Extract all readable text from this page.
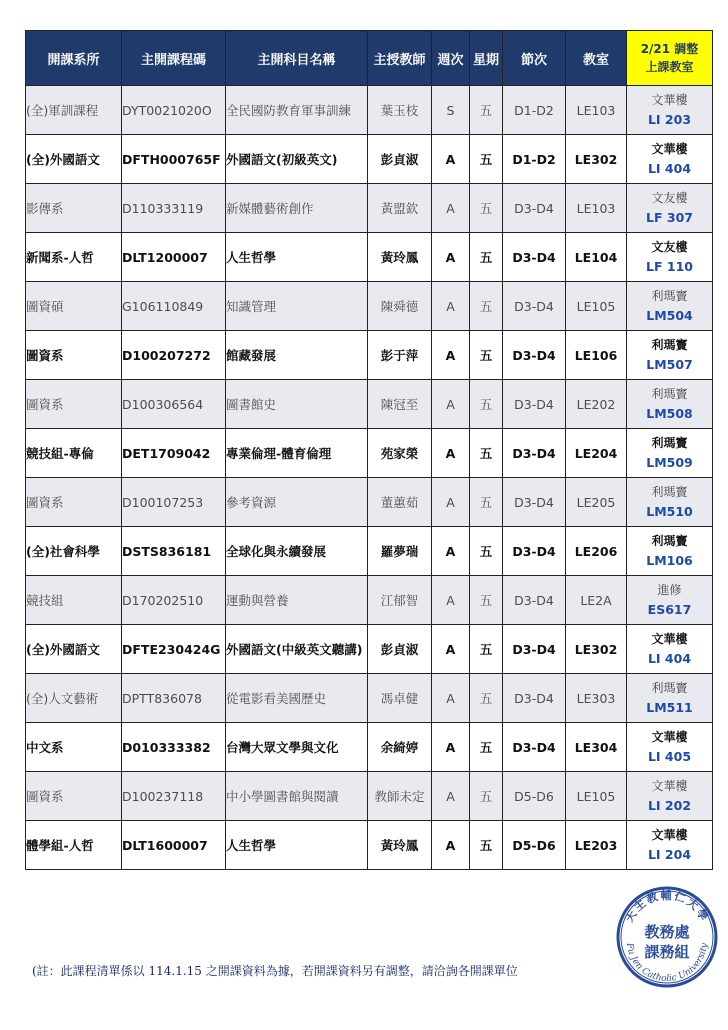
開課系所	主開課程碼	主開科目名稱	主授教師	週次	星期	節次	教室	2/21 調整
上課教室

(全)軍訓課程	DYT0021020O	全民國防教育軍事訓練	葉玉枝	S	五	D1-D2	LE103	文華樓
LI 203

(全)外國語文	DFTH000765F	外國語文(初級英文)	彭貞淑	A	五	D1-D2	LE302	文華樓
LI 404

影傳系	D110333119	新媒體藝術創作	黃盟欽	A	五	D3-D4	LE103	文友樓
LF 307

新聞系-人哲	DLT1200007	人生哲學	黃玲鳳	A	五	D3-D4	LE104	文友樓
LF 110

圖資碩	G106110849	知識管理	陳舜德	A	五	D3-D4	LE105	利瑪竇
LM504

圖資系	D100207272	館藏發展	彭于萍	A	五	D3-D4	LE106	利瑪竇
LM507

圖資系	D100306564	圖書館史	陳冠至	A	五	D3-D4	LE202	利瑪竇
LM508

競技組-專倫	DET1709042	專業倫理-體育倫理	苑家榮	A	五	D3-D4	LE204	利瑪竇
LM509

圖資系	D100107253	參考資源	董蕙茹	A	五	D3-D4	LE205	利瑪竇
LM510

(全)社會科學	DSTS836181	全球化與永續發展	羅夢瑞	A	五	D3-D4	LE206	利瑪竇
LM106

競技組	D170202510	運動與營養	江郁智	A	五	D3-D4	LE2A	進修
ES617

(全)外國語文	DFTE230424G	外國語文(中級英文聽講)	彭貞淑	A	五	D3-D4	LE302	文華樓
LI 404

(全)人文藝術	DPTT836078	從電影看美國歷史	馮卓健	A	五	D3-D4	LE303	利瑪竇
LM511

中文系	D010333382	台灣大眾文學與文化	余綺婷	A	五	D3-D4	LE304	文華樓
LI 405

圖資系	D100237118	中小學圖書館與閱讀	教師未定	A	五	D5-D6	LE105	文華樓
LI 202

體學組-人哲	DLT1600007	人生哲學	黃玲鳳	A	五	D5-D6	LE203	文華樓
LI 204
(註：此課程清單係以 114.1.15 之開課資料為據，若開課資料另有調整，請洽詢各開課單位
天主教輔仁大學
Fu Jen Catholic University
教務處
課務組
